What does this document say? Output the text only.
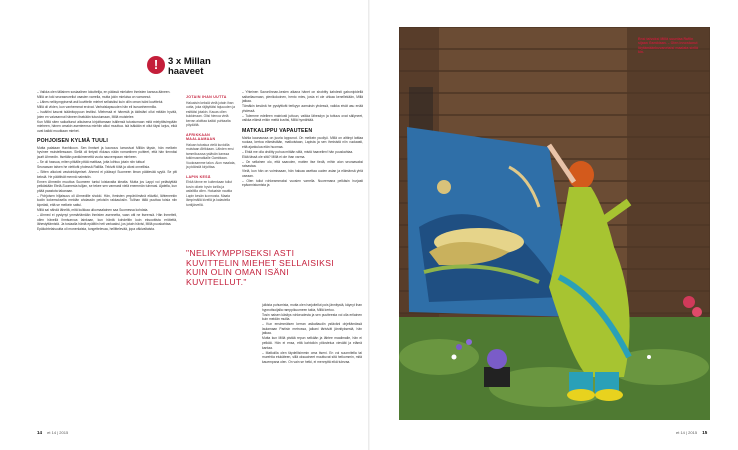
– Vaikka olen tällainen sosiaalinen lokuttelija, en päässä mieluiten ihmisten kanssa ääneen.

Millä on toki seuraseurellut vaasien varrella, mutta jokin mieluisa on varrannut.

– Lähes nelikymppisenä asti kuvittelin miehet sellaisiksi kuin ollin oman isäni kuvittelut.

Millä oli viiden, kun vanhemmat eroivat. Varhaislapsuuden hän eli isovanhemmilla.

– Isoäitini kasvat isäänitoppuun lestiksi. Miehessä ei hänestä ja äidistäni ollut mitään hyvää, joten en vaivaannut häneen itsekään tutustumaan, Millä muistelee.

Kun Millä siten saikaltunut aikuisena kirjoittamaan isällensä tutustumaan mitä mielyttävimpään mieheen, hänen omakin asenteensa miehiin alkoi muuttua. Isä isäkään ei ollut täysi lurjus, eikä ovat kaikki muutkaan miehet.

POHJOISEN KYLMÄ TUULI

Mutta palataan Hanhikoon. Sen ihmiset ja kaunous lumosivat Millän täysin, hän melkein hyvinee muistellessaan. Siellä oli tietysti rikkaus nään romantinen puitteet, että hän tiennäsi jaurit Ahmedin. Itsetään pankkimenettä vuota nauvempaan mieheen.

– Se oli hassua, miten pitkälle pitää mattkaa, jotta loihtuu jotain niin tuttua!

Seuraavan talven he viettivät yhdessä Rallilla. Tekivät töitä ja olivat onnellisia.

– Sitten alkoivat vastoinkäymiset. Ahmed ei päässyt Suomeen ilman päätevää syytä. Se piti keksiä. He päättivät mennä naimisiin.

Ennen Ahmedin muuttoa Suomeen tuntui loistavalta idealta. Mutta jos Lappi voi pelästyttää pelkästään Etelä-Suomesta tulijan, se tekee sen varmasti vielä enemmän tuhmasi. Ajatella, kun pitää paastota takanaan.

– Pohjoisen hiljaisuus oli Ahmedille shokki. Hän, ihmisten ympäröimänä eläväki, lähteneekin kodin kokemuksella meidän ahdassiin peloisiin rakkauksiin. Tulihan tällä puuttaa toisia niin kipeästi, että se melkein sattui.

Millä sai nähdä läheltä, mitä kulkkaa ulkomaalainen saa Suomessa kohdata.

– Ahmed ei pystynyt ymmärtämään ihmisten asennetta, vaan otti ne itseensä. Hän ihmetteli, ollen hänellä ihmisarvoa lainkaan, kun häntä kohdeltiin kuin eksoottista eriötettä, lähestyttämistä. Ja tosiaalla häntä epäiltiin heti varkaaksi, jos jotain hävisi, Millä puuskahtaa.

Epäkohtelaisuutta oli monenlaista, tungettelevaa, hellittelevää, jopa väkivaltaista.

!	3 x Millan haaveet
JOTAIN IHAN UUTTA
Haluaisin keksiä vielä jotain ihan uutta, joka räjäyttäisi tajuuuden ja esittäisi jotakin. Kauas ollen kukkimaan. Olisi hienoa vielä kerran aloittaa kaikki puhtaalta pöydältä.
AFRIKKAAN MAALAAMAAN
Haluan tutustua vielä kuvioilla muistaan Afrikkaan. Lähden ensi tammikuussa ystävän kanssa tutkimusmatkalle Gambiaan. Vuokraamme talon. Aion maalata, ja pidändä kirjoittaa.
LAPIN KESÄ
Ehkä tänne en kuitenkaan tullut kovin oikein hyvin torilla ja asfaltilla ollen. Haluaisin nauttia Lapin kesän luonnosta. Maata lämpimällä kivellä ja kalastella tuntijärvellä.

– Yhteinen Savonlinnan-kesien aikana hänet on shobitty kahdesti gabonipidellä saitarilaumaan, pienikokoinen, hento mies, josta ei ole uhkaa kenellekään, Millä jatkaa.

Tämäkin kesänä he pystyttivät terikyyn aamuisin yhdessä, vaikka eivät asu enää yhdessä.

– Tulemme edelleen mainiosti juttuun, vaikka lähesdyn ja tuttuus ovat säilyneet, vaikka elämä erikin meitä kuvitsi, Millä hymähtää.

MATKALIPPU VAPAUTEEN

Mahla kaunaussa on juuria loppunut. On melkein puoliyö. Millä on alttinyt lattiaa ruokaa, kertoa elämästään, matkoistaan, Lapista ja sen ihmisistä niin vuolaasti, että ajankulua eiän huomaa.

– Ehkä me olla ohditty puhua mitään siitä, mistä haaveilen! hän puuskahtaa.

Elää tässä ole sitä? Millä ei ole ihan varma.

– On sellainen olo, että saavolen, mutten itse tiedä, mihin aion seuraavaksi ratsastaa.

Vielä, kun hän on voimissaan, hän haluaa asettaa uuden asian ja elämänsä yhtä useaan.

– Olen tullut rohkeammaksi vuosien varrella. Nuoremana pelkäsin hurjasti epäonnistumista ja

"NELIKYMPPISEKSI ASTI KUVITTELIN MIEHET SELLAISIKSI KUIN OLIN OMAN ISÄNI KUVITELLUT."

julkista puhumista, mutta olen harjoitellut pois jännitystä, käynyt ihan hypnotisoijalla ramppikuumeen takia, Millä kertoo.

Tosin naisen käsitys rohkeudesta ja sen puutteesta voi olla erilainen kuin meidän muilla.

– Kun ensimmäisen kerran asikaltaudin ystävänl ohjeltämässä laulamaan Pariisin metrossa, jalkani tärisivät jännityksestä, hän jatkaa.

Mutta kun Millä pistää repun selkään ja lähtee maailmalle, hän ei pelkää. Hän ei ensa, että kahtoikin piilostelua vieväät ja elämä kantaa.

– Matkoilla olen täydellisimmin oma itseni. En voi suunnitella tai murehtia etukäteen, sillä oksuaineet muuttuvat sitä heikommin, mitä kauempana olen. On vain se hetki, ei mennyttä eikä tulevaa.

Ensi talvoksi Millä suuntaa Rafiin sijaan Gambiaan. – Olen innostunut löytämäänkuvanetaisi maalata siellä kin.
14 et 14 | 2015	et 14 | 2015 15
